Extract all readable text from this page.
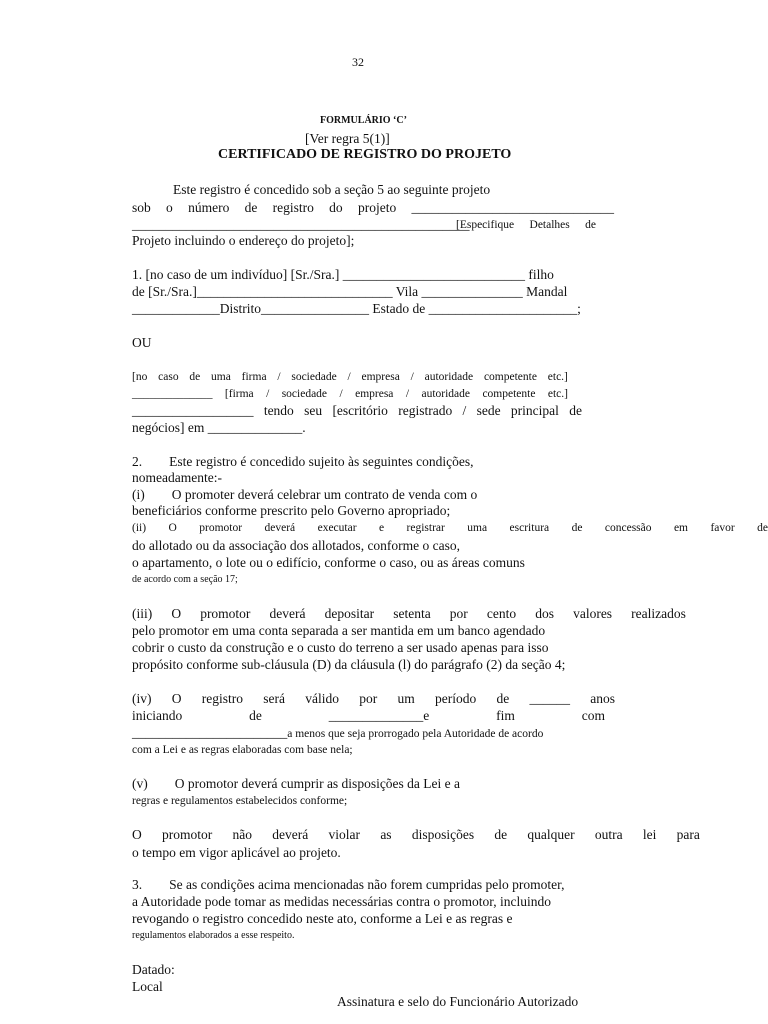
32
FORMULÁRIO ‘C’
[Ver regra 5(1)]
CERTIFICADO DE REGISTRO DO PROJETO
Este registro é concedido sob a seção 5 ao seguinte projeto
sob o número de registro do projeto ______________________________
__________________________________________________
[Especifique Detalhes de
Projeto incluindo o endereço do projeto];
1. [no caso de um indivíduo] [Sr./Sra.] ___________________________ filho
de [Sr./Sra.]_____________________________ Vila _______________ Mandal
_____________Distrito________________ Estado de ______________________;
OU
[no caso de uma firma / sociedade / empresa / autoridade competente etc.]
______________ [firma / sociedade / empresa / autoridade competente etc.]
__________________ tendo seu [escritório registrado / sede principal de
negócios] em ______________.
2.        Este registro é concedido sujeito às seguintes condições,
nomeadamente:-
(i)        O promoter deverá celebrar um contrato de venda com o
beneficiários conforme prescrito pelo Governo apropriado;
(ii) O promotor deverá executar e registrar uma escritura de concessão em favor de
do allotado ou da associação dos allotados, conforme o caso,
o apartamento, o lote ou o edifício, conforme o caso, ou as áreas comuns
de acordo com a seção 17;
(iii) O promotor deverá depositar setenta por cento dos valores realizados
pelo promotor em uma conta separada a ser mantida em um banco agendado
cobrir o custo da construção e o custo do terreno a ser usado apenas para isso
propósito conforme sub-cláusula (D) da cláusula (l) do parágrafo (2) da seção 4;
(iv) O registro será válido por um período de ______ anos
iniciando	de	______________e	fim	com
_______________________a menos que seja prorrogado pela Autoridade de acordo
com a Lei e as regras elaboradas com base nela;
(v)        O promotor deverá cumprir as disposições da Lei e a
regras e regulamentos estabelecidos conforme;
O promotor não deverá violar as disposições de qualquer outra lei para
o tempo em vigor aplicável ao projeto.
3.        Se as condições acima mencionadas não forem cumpridas pelo promoter,
a Autoridade pode tomar as medidas necessárias contra o promotor, incluindo
revogando o registro concedido neste ato, conforme a Lei e as regras e
regulamentos elaborados a esse respeito.
Datado:
Local
Assinatura e selo do Funcionário Autorizado
